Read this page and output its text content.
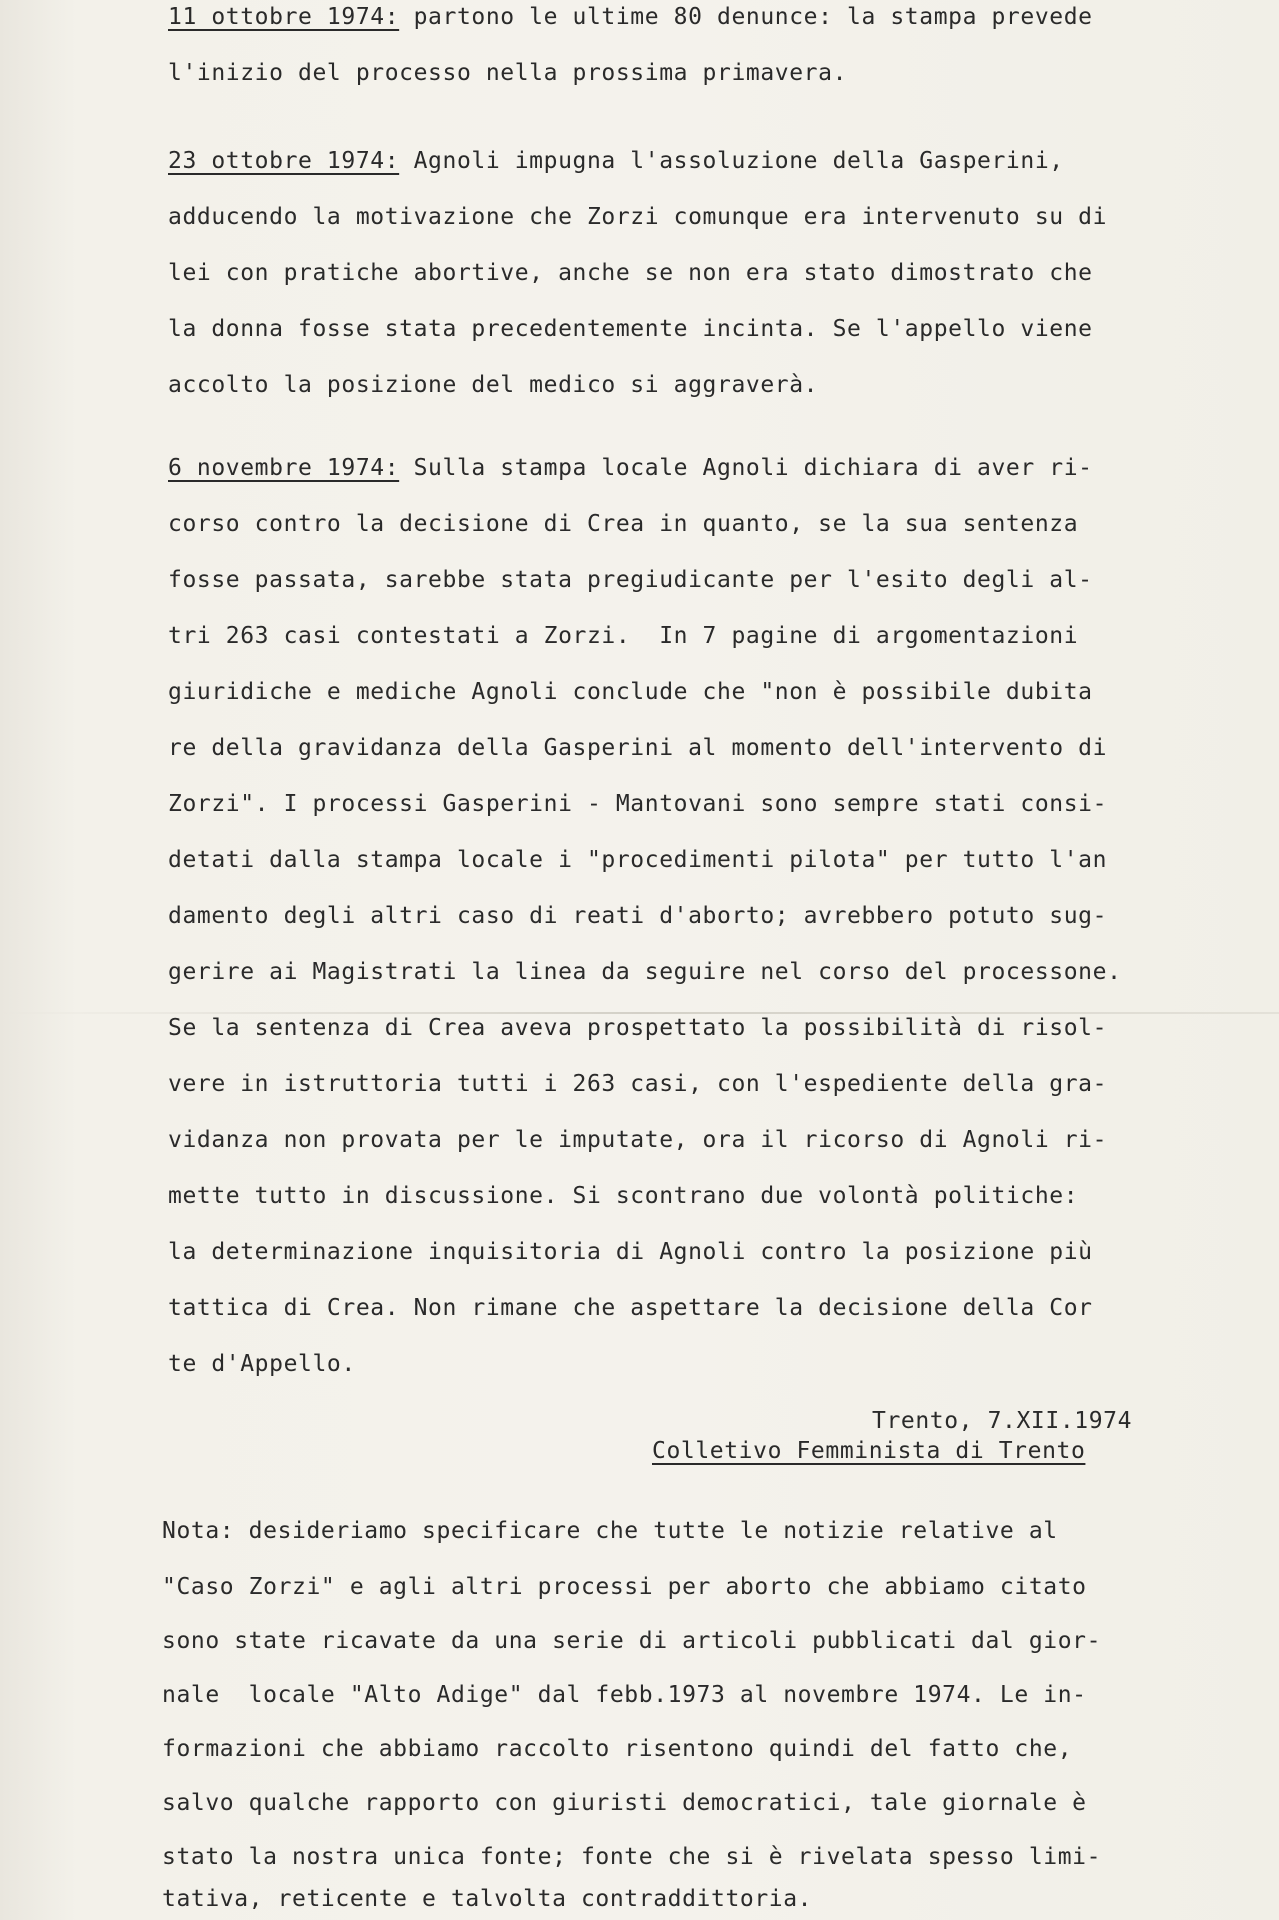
11 ottobre 1974: partono le ultime 80 denunce: la stampa prevede

l'inizio del processo nella prossima primavera.

23 ottobre 1974: Agnoli impugna l'assoluzione della Gasperini,

adducendo la motivazione che Zorzi comunque era intervenuto su di

lei con pratiche abortive, anche se non era stato dimostrato che

la donna fosse stata precedentemente incinta. Se l'appello viene

accolto la posizione del medico si aggraverà.

6 novembre 1974: Sulla stampa locale Agnoli dichiara di aver ri-

corso contro la decisione di Crea in quanto, se la sua sentenza

fosse passata, sarebbe stata pregiudicante per l'esito degli al-

tri 263 casi contestati a Zorzi.  In 7 pagine di argomentazioni

giuridiche e mediche Agnoli conclude che "non è possibile dubita

re della gravidanza della Gasperini al momento dell'intervento di

Zorzi". I processi Gasperini - Mantovani sono sempre stati consi-

detati dalla stampa locale i "procedimenti pilota" per tutto l'an

damento degli altri caso di reati d'aborto; avrebbero potuto sug-

gerire ai Magistrati la linea da seguire nel corso del processone.

Se la sentenza di Crea aveva prospettato la possibilità di risol-

vere in istruttoria tutti i 263 casi, con l'espediente della gra-

vidanza non provata per le imputate, ora il ricorso di Agnoli ri-

mette tutto in discussione. Si scontrano due volontà politiche:

la determinazione inquisitoria di Agnoli contro la posizione più

tattica di Crea. Non rimane che aspettare la decisione della Cor

te d'Appello.

Trento, 7.XII.1974
Colletivo Femminista di Trento

Nota: desideriamo specificare che tutte le notizie relative al

"Caso Zorzi" e agli altri processi per aborto che abbiamo citato

sono state ricavate da una serie di articoli pubblicati dal gior-

nale  locale "Alto Adige" dal febb.1973 al novembre 1974. Le in-

formazioni che abbiamo raccolto risentono quindi del fatto che,

salvo qualche rapporto con giuristi democratici, tale giornale è

stato la nostra unica fonte; fonte che si è rivelata spesso limi-

tativa, reticente e talvolta contraddittoria.
